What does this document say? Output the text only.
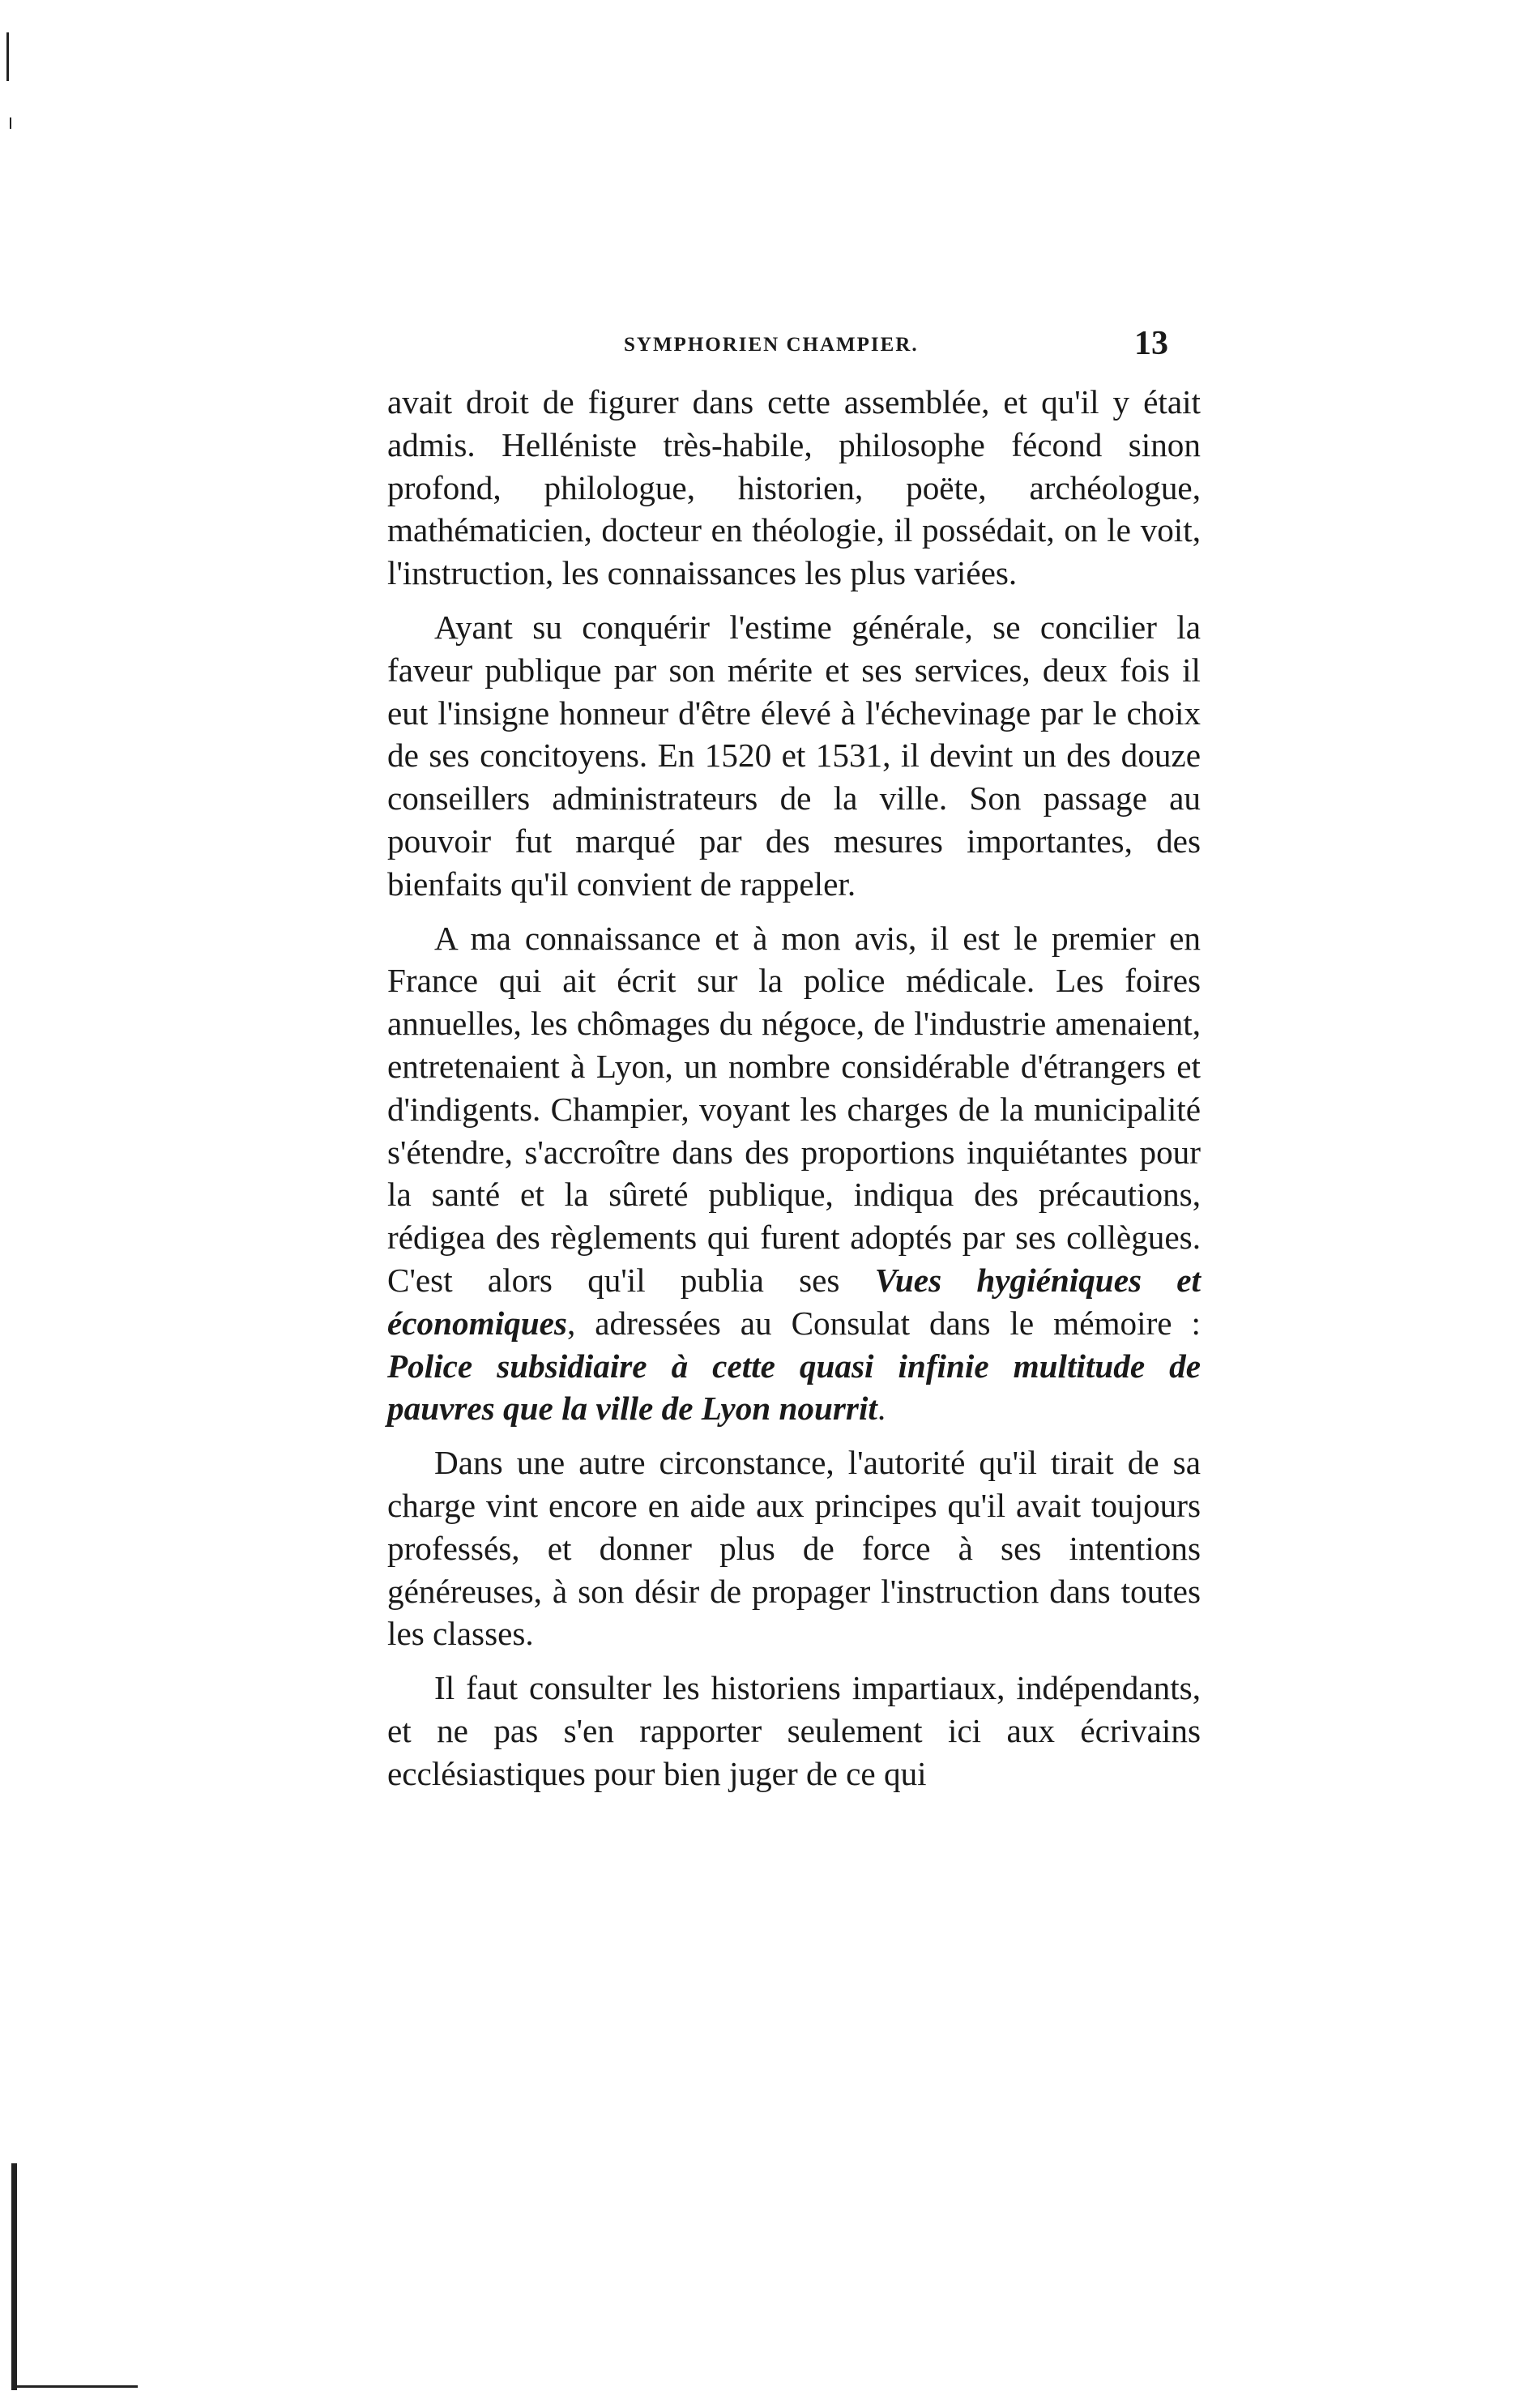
SYMPHORIEN CHAMPIER.	13

avait droit de figurer dans cette assemblée, et qu'il y était admis. Helléniste très-habile, philosophe fécond sinon profond, philologue, historien, poëte, archéologue, mathématicien, docteur en théologie, il possédait, on le voit, l'instruction, les connaissances les plus variées.

Ayant su conquérir l'estime générale, se concilier la faveur publique par son mérite et ses services, deux fois il eut l'insigne honneur d'être élevé à l'échevinage par le choix de ses concitoyens. En 1520 et 1531, il devint un des douze conseillers administrateurs de la ville. Son passage au pouvoir fut marqué par des mesures importantes, des bienfaits qu'il convient de rappeler.

A ma connaissance et à mon avis, il est le premier en France qui ait écrit sur la police médicale. Les foires annuelles, les chômages du négoce, de l'industrie amenaient, entretenaient à Lyon, un nombre considérable d'étrangers et d'indigents. Champier, voyant les charges de la municipalité s'étendre, s'accroître dans des proportions inquiétantes pour la santé et la sûreté publique, indiqua des précautions, rédigea des règlements qui furent adoptés par ses collègues. C'est alors qu'il publia ses Vues hygiéniques et économiques, adressées au Consulat dans le mémoire : Police subsidiaire à cette quasi infinie multitude de pauvres que la ville de Lyon nourrit.

Dans une autre circonstance, l'autorité qu'il tirait de sa charge vint encore en aide aux principes qu'il avait toujours professés, et donner plus de force à ses intentions généreuses, à son désir de propager l'instruction dans toutes les classes.

Il faut consulter les historiens impartiaux, indépendants, et ne pas s'en rapporter seulement ici aux écrivains ecclésiastiques pour bien juger de ce qui
